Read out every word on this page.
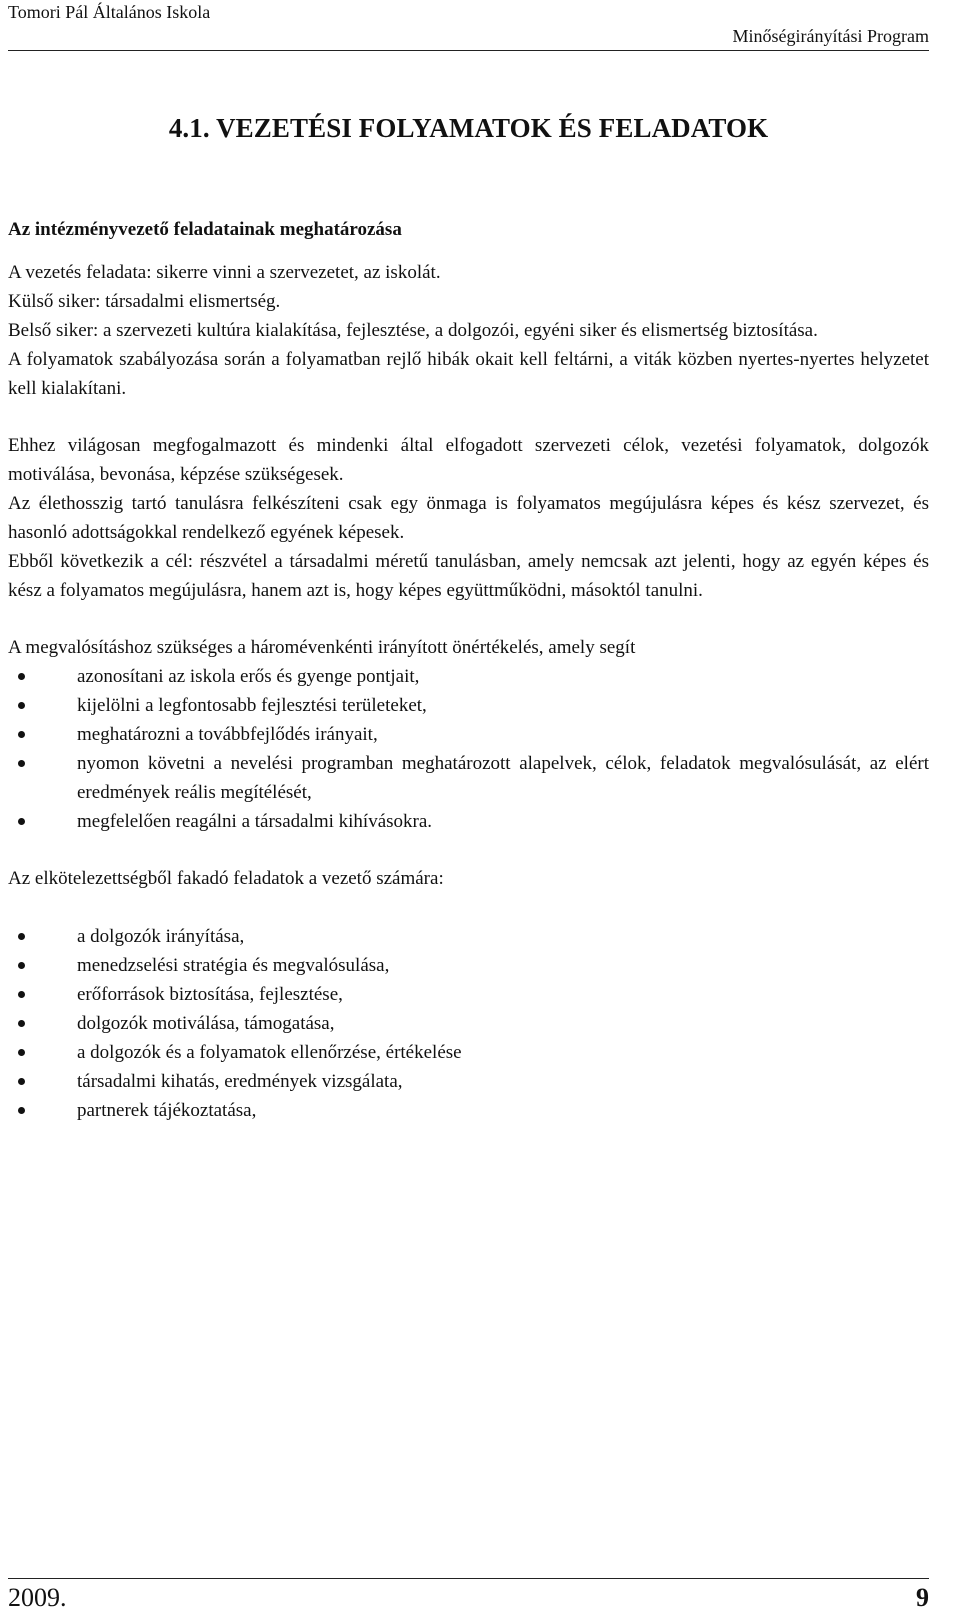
Tomori Pál Általános Iskola
Minőségirányítási Program
4.1. VEZETÉSI FOLYAMATOK ÉS FELADATOK

Az intézményvezető feladatainak meghatározása

A vezetés feladata: sikerre vinni a szervezetet, az iskolát.

Külső siker: társadalmi elismertség.

Belső siker: a szervezeti kultúra kialakítása, fejlesztése, a dolgozói, egyéni siker és elismertség biztosítása.

A folyamatok szabályozása során a folyamatban rejlő hibák okait kell feltárni, a viták közben nyertes-nyertes helyzetet kell kialakítani.

Ehhez világosan megfogalmazott és mindenki által elfogadott szervezeti célok, vezetési folyamatok, dolgozók motiválása, bevonása, képzése szükségesek.

Az élethosszig tartó tanulásra felkészíteni csak egy önmaga is folyamatos megújulásra képes és kész szervezet, és hasonló adottságokkal rendelkező egyének képesek.

Ebből következik a cél: részvétel a társadalmi méretű tanulásban, amely nemcsak azt jelenti, hogy az egyén képes és kész a folyamatos megújulásra, hanem azt is, hogy képes együttműködni, másoktól tanulni.

A megvalósításhoz szükséges a háromévenkénti irányított önértékelés, amely segít

azonosítani az iskola erős és gyenge pontjait,
kijelölni a legfontosabb fejlesztési területeket,
meghatározni a továbbfejlődés irányait,
nyomon követni a nevelési programban meghatározott alapelvek, célok, feladatok megvalósulását, az elért eredmények reális megítélését,
megfelelően reagálni a társadalmi kihívásokra.

Az elkötelezettségből fakadó feladatok a vezető számára:

a dolgozók irányítása,
menedzselési stratégia és megvalósulása,
erőforrások biztosítása, fejlesztése,
dolgozók motiválása, támogatása,
a dolgozók és a folyamatok ellenőrzése, értékelése
társadalmi kihatás, eredmények vizsgálata,
partnerek tájékoztatása,
2009.	9
